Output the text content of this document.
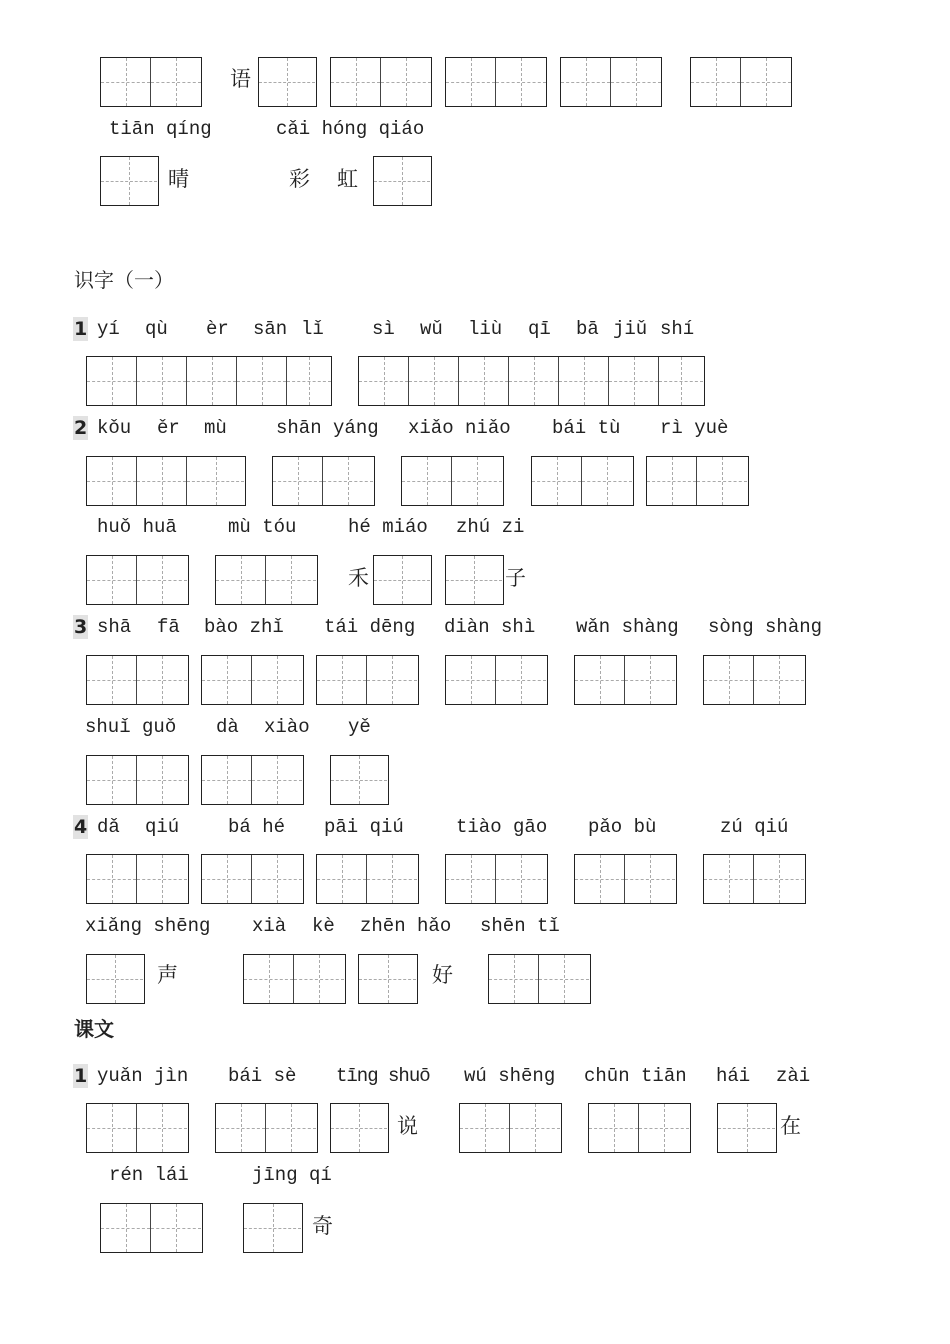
语
tiān qíng	cǎi hóng qiáo
晴	彩 虹
识字（一）
1 yí qù èr sān lǐ	sì wǔ liù qī bā jiǔ shí
2 kǒu ěr mù	shān yáng xiǎo niǎo bái tù rì yuè
huǒ huā	mù tóu	hé miáo zhú zi
禾	子
3 shā fā bào zhǐ tái dēng diàn shì wǎn shàng sòng shàng
shuǐ guǒ dà xiào yě
4 dǎ qiú	bá hé pāi qiú	tiào gāo pǎo bù	zú qiú
xiǎng shēng xià kè zhēn hǎo shēn tǐ
声	好
课文
1 yuǎn jìn bái sè tīng shuō wú shēng chūn tiān hái zài
说	在
rén lái	jīng qí
奇
